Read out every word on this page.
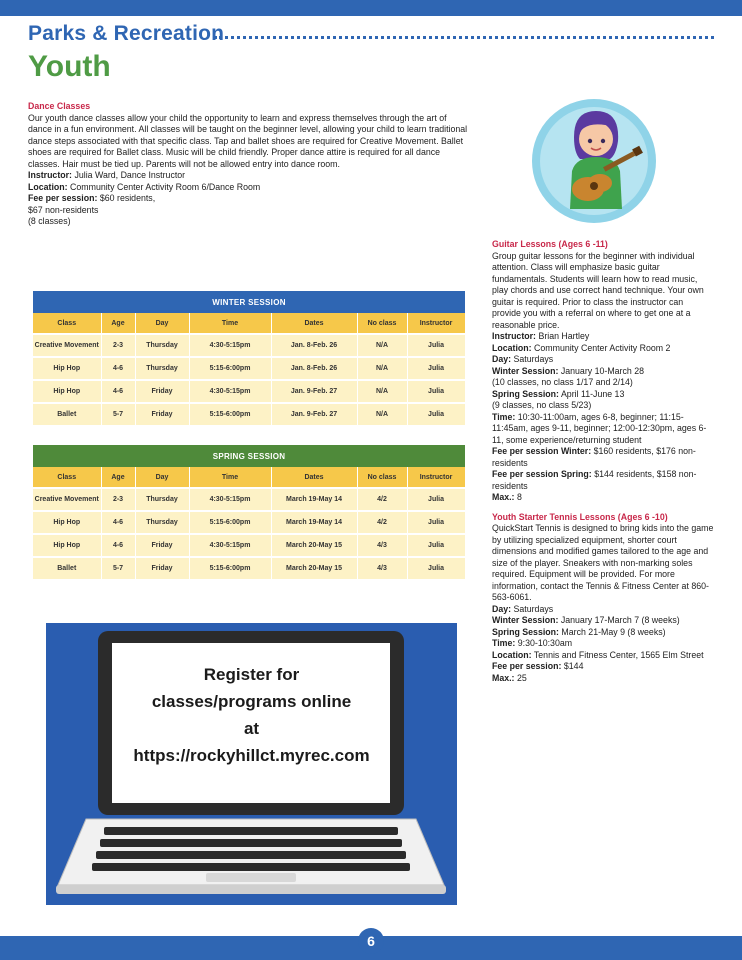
Parks & Recreation
Youth
Dance Classes

Our youth dance classes allow your child the opportunity to learn and express themselves through the art of dance in a fun environment. All classes will be taught on the beginner level, allowing your child to learn traditional dance steps associated with that specific class. Tap and ballet shoes are required for Creative Movement. Ballet shoes are required for Ballet class. Music will be child friendly. Proper dance attire is required for all dance classes. Hair must be tied up. Parents will not be allowed entry into dance room.

Instructor: Julia Ward, Dance Instructor

Location: Community Center Activity Room 6/Dance Room

Fee per session: $60 residents,

$67 non-residents

(8 classes)

WINTER SESSION						
Class	Age	Day	Time	Dates	No class	Instructor
Creative Movement	2-3	Thursday	4:30-5:15pm	Jan. 8-Feb. 26	N/A	Julia
Hip Hop	4-6	Thursday	5:15-6:00pm	Jan. 8-Feb. 26	N/A	Julia
Hip Hop	4-6	Friday	4:30-5:15pm	Jan. 9-Feb. 27	N/A	Julia
Ballet	5-7	Friday	5:15-6:00pm	Jan. 9-Feb. 27	N/A	Julia
SPRING SESSION						
Class	Age	Day	Time	Dates	No class	Instructor
Creative Movement	2-3	Thursday	4:30-5:15pm	March 19-May 14	4/2	Julia
Hip Hop	4-6	Thursday	5:15-6:00pm	March 19-May 14	4/2	Julia
Hip Hop	4-6	Friday	4:30-5:15pm	March 20-May 15	4/3	Julia
Ballet	5-7	Friday	5:15-6:00pm	March 20-May 15	4/3	Julia
Guitar Lessons (Ages 6 -11)

Group guitar lessons for the beginner with individual attention. Class will emphasize basic guitar fundamentals. Students will learn how to read music, play chords and use correct hand technique. Your own guitar is required. Prior to class the instructor can provide you with a referral on where to get one at a reasonable price.

Instructor: Brian Hartley

Location: Community Center Activity Room 2

Day: Saturdays

Winter Session: January 10-March 28

(10 classes, no class 1/17 and 2/14)

Spring Session: April 11-June 13

(9 classes, no class 5/23)

Time: 10:30-11:00am, ages 6-8, beginner; 11:15-11:45am, ages 9-11, beginner; 12:00-12:30pm, ages 6-11, some experience/returning student

Fee per session Winter: $160 residents, $176 non-residents

Fee per session Spring: $144 residents, $158 non-residents

Max.: 8

Youth Starter Tennis Lessons (Ages 6 -10)

QuickStart Tennis is designed to bring kids into the game by utilizing specialized equipment, shorter court dimensions and modified games tailored to the age and size of the player. Sneakers with non-marking soles required. Equipment will be provided. For more information, contact the Tennis & Fitness Center at 860-563-6061.

Day: Saturdays

Winter Session: January 17-March 7 (8 weeks)

Spring Session: March 21-May 9 (8 weeks)

Time: 9:30-10:30am

Location: Tennis and Fitness Center, 1565 Elm Street

Fee per session: $144

Max.: 25

Register for
classes/programs online
at
https://rockyhillct.myrec.com
6
